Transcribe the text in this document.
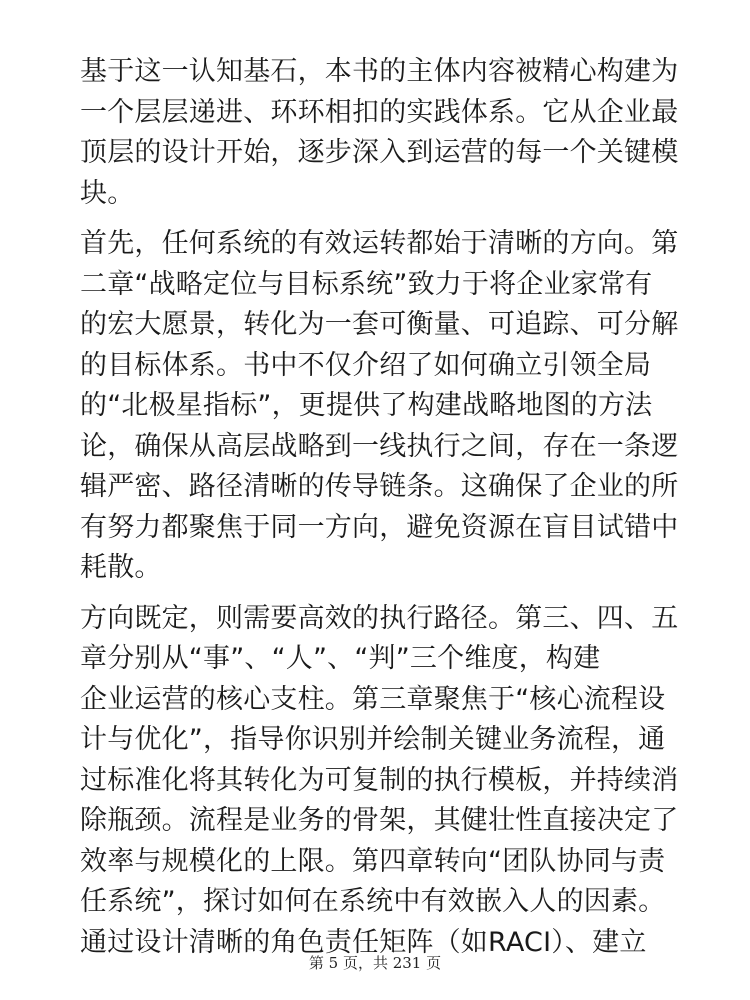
基于这一认知基石，本书的主体内容被精心构建为
一个层层递进、环环相扣的实践体系。它从企业最
顶层的设计开始，逐步深入到运营的每一个关键模
块。
首先，任何系统的有效运转都始于清晰的方向。第
二章“战略定位与目标系统”致力于将企业家常有
的宏大愿景，转化为一套可衡量、可追踪、可分解
的目标体系。书中不仅介绍了如何确立引领全局
的“北极星指标”，更提供了构建战略地图的方法
论，确保从高层战略到一线执行之间，存在一条逻
辑严密、路径清晰的传导链条。这确保了企业的所
有努力都聚焦于同一方向，避免资源在盲目试错中
耗散。
方向既定，则需要高效的执行路径。第三、四、五
章分别从“事”、“人”、“判”三个维度，构建
企业运营的核心支柱。第三章聚焦于“核心流程设
计与优化”，指导你识别并绘制关键业务流程，通
过标准化将其转化为可复制的执行模板，并持续消
除瓶颈。流程是业务的骨架，其健壮性直接决定了
效率与规模化的上限。第四章转向“团队协同与责
任系统”，探讨如何在系统中有效嵌入人的因素。
通过设计清晰的角色责任矩阵（如RACI）、建立
第 5 页，共 231 页
